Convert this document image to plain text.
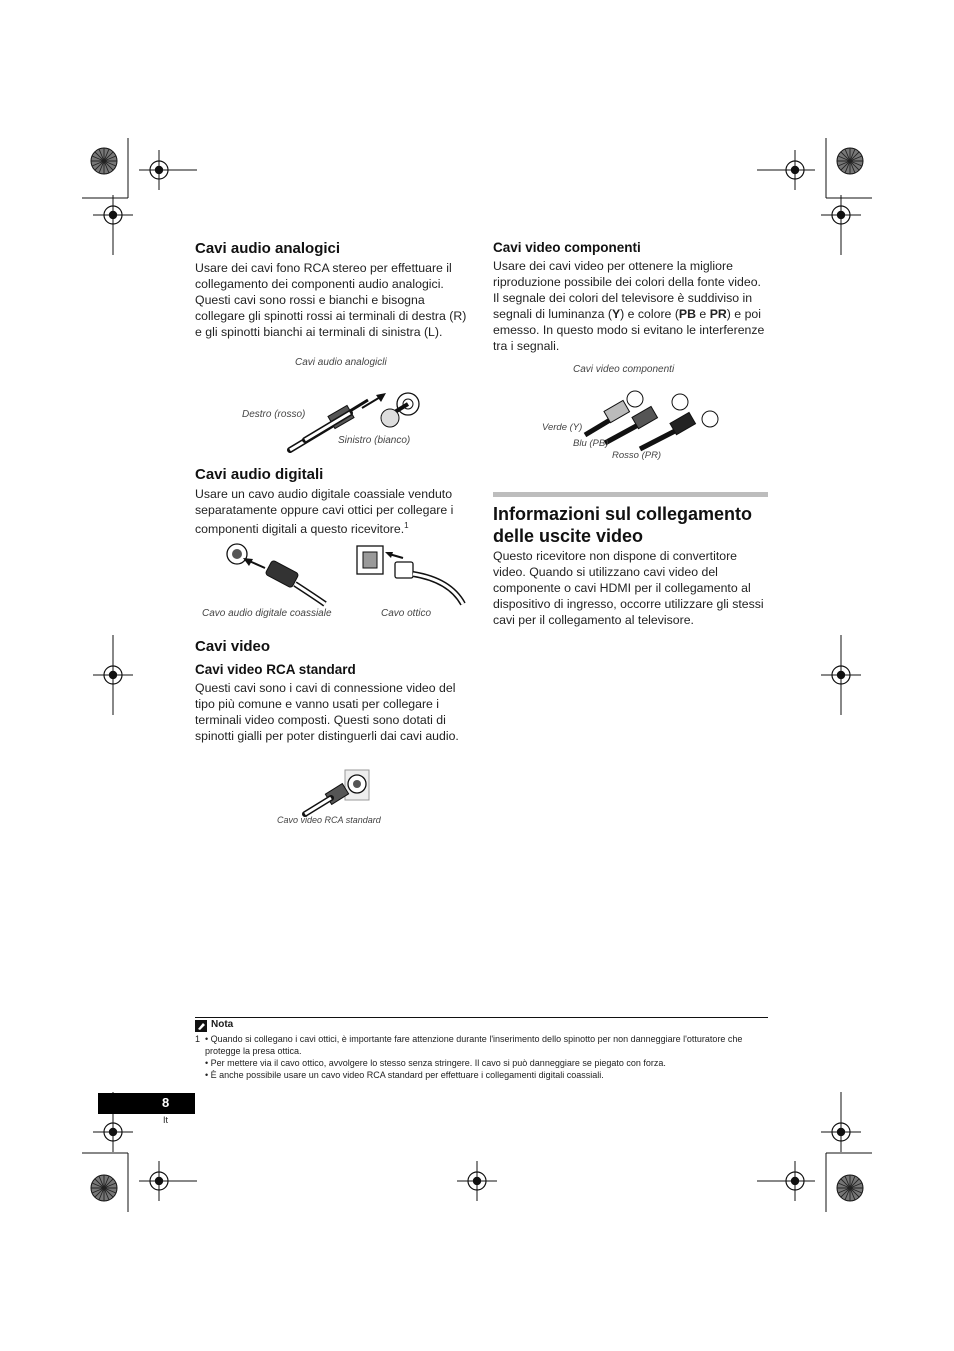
Cavi audio analogici
Usare dei cavi fono RCA stereo per effettuare il collegamento dei componenti audio analogici. Questi cavi sono rossi e bianchi e bisogna collegare gli spinotti rossi ai terminali di destra (R) e gli spinotti bianchi ai terminali di sinistra (L).
Cavi audio analogicli
Destro (rosso)
Sinistro (bianco)
Cavi audio digitali
Usare un cavo audio digitale coassiale venduto separatamente oppure cavi ottici per collegare i componenti digitali a questo ricevitore.$^1$
Cavo audio digitale coassiale	Cavo ottico
Cavi video
Cavi video RCA standard
Questi cavi sono i cavi di connessione video del tipo più comune e vanno usati per collegare i terminali video composti. Questi sono dotati di spinotti gialli per poter distinguerli dai cavi audio.
Cavo video RCA standard
Cavi video componenti
Usare dei cavi video per ottenere la migliore riproduzione possibile dei colori della fonte video. Il segnale dei colori del televisore è suddiviso in segnali di luminanza (Y) e colore (PB e PR) e poi emesso. In questo modo si evitano le interferenze tra i segnali.
Cavi video componenti
Verde (Y)
Blu (PB)
Rosso (PR)
Informazioni sul collegamento
delle uscite video
Questo ricevitore non dispone di convertitore video. Quando si utilizzano cavi video del componente o cavi HDMI per il collegamento al dispositivo di ingresso, occorre utilizzare gli stessi cavi per il collegamento al televisore.
Nota
1 • Quando si collegano i cavi ottici, è importante fare attenzione durante l'inserimento dello spinotto per non danneggiare l'otturatore che protegge la presa ottica.
• Per mettere via il cavo ottico, avvolgere lo stesso senza stringere. Il cavo si può danneggiare se piegato con forza.
• È anche possibile usare un cavo video RCA standard per effettuare i collegamenti digitali coassiali.
8
It
